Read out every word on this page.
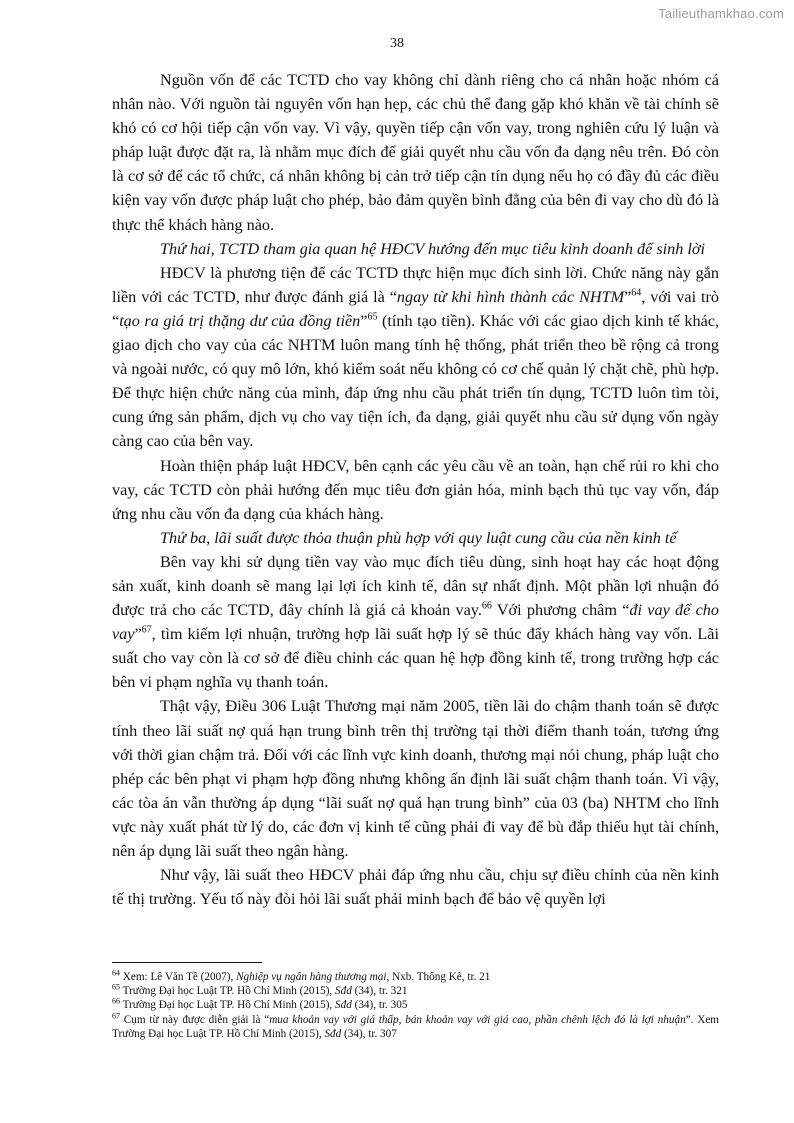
Tailieuthamkhao.com
38

Nguồn vốn để các TCTD cho vay không chỉ dành riêng cho cá nhân hoặc nhóm cá nhân nào. Với nguồn tài nguyên vốn hạn hẹp, các chủ thể đang gặp khó khăn về tài chính sẽ khó có cơ hội tiếp cận vốn vay. Vì vậy, quyền tiếp cận vốn vay, trong nghiên cứu lý luận và pháp luật được đặt ra, là nhằm mục đích để giải quyết nhu cầu vốn đa dạng nêu trên. Đó còn là cơ sở để các tổ chức, cá nhân không bị cản trở tiếp cận tín dụng nếu họ có đầy đủ các điều kiện vay vốn được pháp luật cho phép, bảo đảm quyền bình đẳng của bên đi vay cho dù đó là thực thể khách hàng nào.

Thứ hai, TCTD tham gia quan hệ HĐCV hướng đến mục tiêu kinh doanh để sinh lời

HĐCV là phương tiện để các TCTD thực hiện mục đích sinh lời. Chức năng này gắn liền với các TCTD, như được đánh giá là “ngay từ khi hình thành các NHTM”$^{64}$, với vai trò “tạo ra giá trị thặng dư của đồng tiền”$^{65}$ (tính tạo tiền). Khác với các giao dịch kinh tế khác, giao dịch cho vay của các NHTM luôn mang tính hệ thống, phát triển theo bề rộng cả trong và ngoài nước, có quy mô lớn, khó kiểm soát nếu không có cơ chế quản lý chặt chẽ, phù hợp. Để thực hiện chức năng của mình, đáp ứng nhu cầu phát triển tín dụng, TCTD luôn tìm tòi, cung ứng sản phẩm, dịch vụ cho vay tiện ích, đa dạng, giải quyết nhu cầu sử dụng vốn ngày càng cao của bên vay.

Hoàn thiện pháp luật HĐCV, bên cạnh các yêu cầu về an toàn, hạn chế rủi ro khi cho vay, các TCTD còn phải hướng đến mục tiêu đơn giản hóa, minh bạch thủ tục vay vốn, đáp ứng nhu cầu vốn đa dạng của khách hàng.

Thứ ba, lãi suất được thỏa thuận phù hợp với quy luật cung cầu của nền kinh tế

Bên vay khi sử dụng tiền vay vào mục đích tiêu dùng, sinh hoạt hay các hoạt động sản xuất, kinh doanh sẽ mang lại lợi ích kinh tế, dân sự nhất định. Một phần lợi nhuận đó được trả cho các TCTD, đây chính là giá cả khoản vay.$^{66}$ Với phương châm “đi vay để cho vay”$^{67}$, tìm kiếm lợi nhuận, trường hợp lãi suất hợp lý sẽ thúc đẩy khách hàng vay vốn. Lãi suất cho vay còn là cơ sở để điều chỉnh các quan hệ hợp đồng kinh tế, trong trường hợp các bên vi phạm nghĩa vụ thanh toán.

Thật vậy, Điều 306 Luật Thương mại năm 2005, tiền lãi do chậm thanh toán sẽ được tính theo lãi suất nợ quá hạn trung bình trên thị trường tại thời điểm thanh toán, tương ứng với thời gian chậm trả. Đối với các lĩnh vực kinh doanh, thương mại nói chung, pháp luật cho phép các bên phạt vi phạm hợp đồng nhưng không ấn định lãi suất chậm thanh toán. Vì vậy, các tòa án vẫn thường áp dụng “lãi suất nợ quá hạn trung bình” của 03 (ba) NHTM cho lĩnh vực này xuất phát từ lý do, các đơn vị kinh tế cũng phải đi vay để bù đắp thiếu hụt tài chính, nên áp dụng lãi suất theo ngân hàng.

Như vậy, lãi suất theo HĐCV phải đáp ứng nhu cầu, chịu sự điều chỉnh của nền kinh tế thị trường. Yếu tố này đòi hỏi lãi suất phải minh bạch để bảo vệ quyền lợi

$^{64}$ Xem: Lê Văn Tề (2007), Nghiệp vụ ngân hàng thương mại, Nxb. Thống Kê, tr. 21
$^{65}$ Trường Đại học Luật TP. Hồ Chí Minh (2015), Sđd (34), tr. 321
$^{66}$ Trường Đại học Luật TP. Hồ Chí Minh (2015), Sđd (34), tr. 305
$^{67}$ Cụm từ này được diễn giải là “mua khoản vay với giá thấp, bán khoản vay với giá cao, phần chênh lệch đó là lợi nhuận”. Xem Trường Đại học Luật TP. Hồ Chí Minh (2015), Sđd (34), tr. 307
